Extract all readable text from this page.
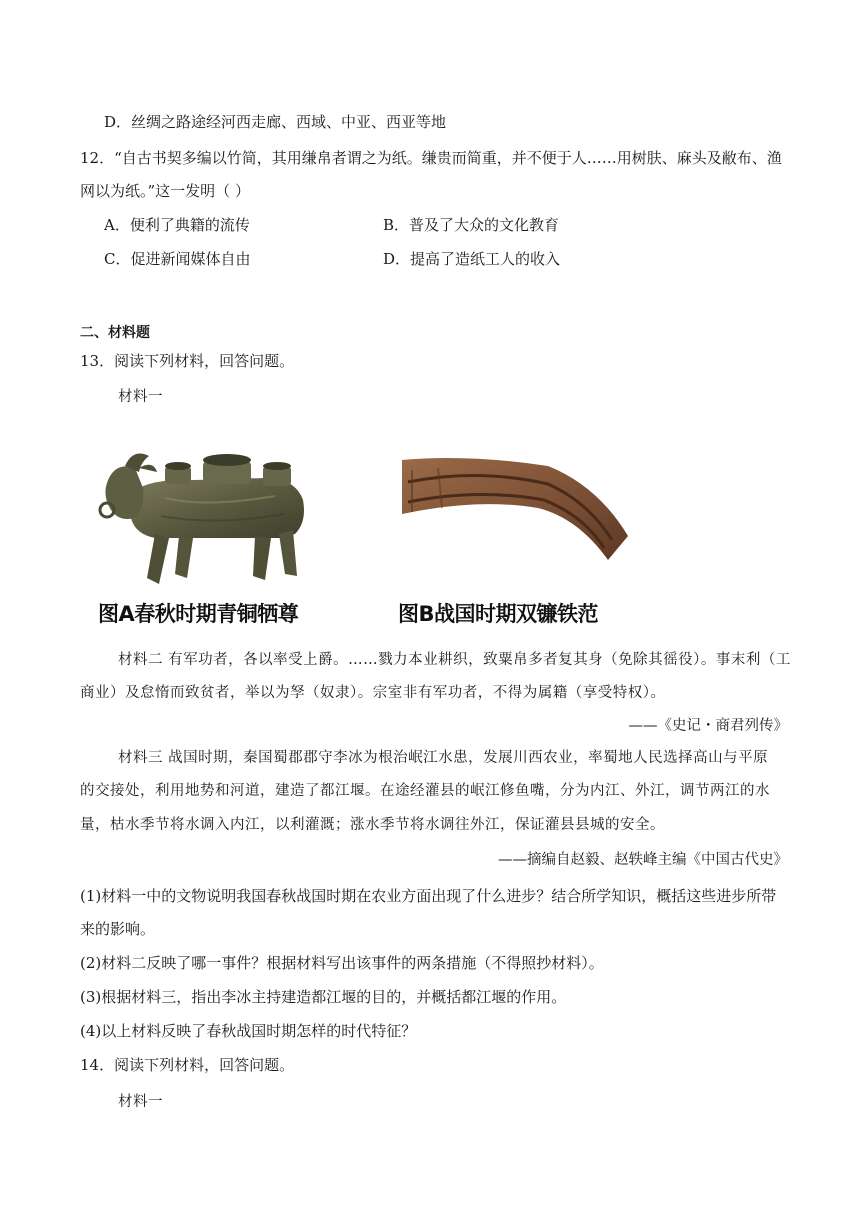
D．丝绸之路途经河西走廊、西域、中亚、西亚等地
12．“自古书契多编以竹简，其用缣帛者谓之为纸。缣贵而简重，并不便于人……用树肤、麻头及敝布、渔
网以为纸。”这一发明（ ）
A．便利了典籍的流传	B．普及了大众的文化教育
C．促进新闻媒体自由	D．提高了造纸工人的收入
二、材料题
13．阅读下列材料，回答问题。
材料一
图A春秋时期青铜牺尊	图B战国时期双镰铁范
材料二 有军功者，各以率受上爵。……戮力本业耕织，致粟帛多者复其身（免除其徭役）。事末利（工
商业）及怠惰而致贫者，举以为孥（奴隶）。宗室非有军功者，不得为属籍（享受特权）。
——《史记・商君列传》
材料三 战国时期，秦国蜀郡郡守李冰为根治岷江水患，发展川西农业，率蜀地人民选择高山与平原
的交接处，利用地势和河道，建造了都江堰。在途经灌县的岷江修鱼嘴，分为内江、外江，调节两江的水
量，枯水季节将水调入内江，以利灌溉；涨水季节将水调往外江，保证灌县县城的安全。
——摘编自赵毅、赵轶峰主编《中国古代史》
(1)材料一中的文物说明我国春秋战国时期在农业方面出现了什么进步？结合所学知识，概括这些进步所带
来的影响。
(2)材料二反映了哪一事件？根据材料写出该事件的两条措施（不得照抄材料）。
(3)根据材料三，指出李冰主持建造都江堰的目的，并概括都江堰的作用。
(4)以上材料反映了春秋战国时期怎样的时代特征？
14．阅读下列材料，回答问题。
材料一
